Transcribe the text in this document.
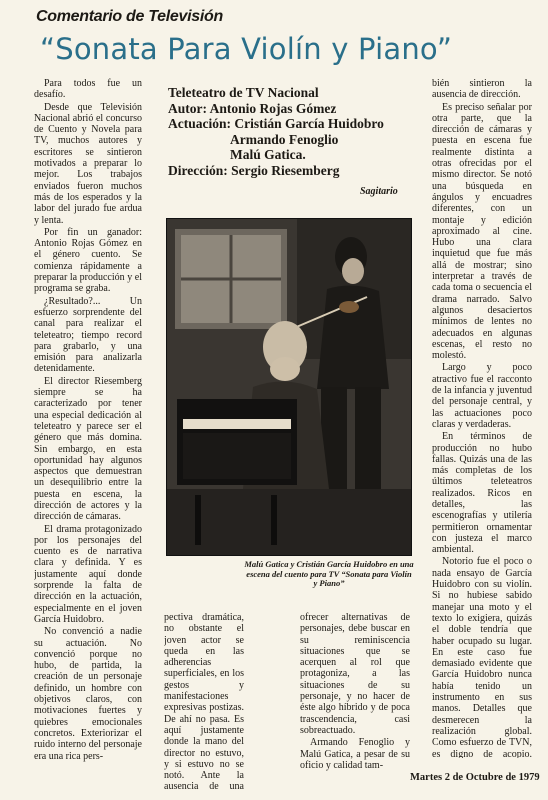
Comentario de Televisión
“Sonata Para Violín y Piano”

Para todos fue un desafío.

Desde que Televisión Nacional abrió el concurso de Cuento y Novela para TV, muchos autores y escritores se sintieron motivados a preparar lo mejor. Los trabajos enviados fueron muchos más de los esperados y la labor del jurado fue ardua y lenta.

Por fin un ganador: Antonio Rojas Gómez en el género cuento. Se comienza rápidamente a preparar la producción y el programa se graba.

¿Resultado?... Un esfuerzo sorprendente del canal para realizar el teleteatro; tiempo record para grabarlo, y una emisión para analizarla detenidamente.

El director Riesemberg siempre se ha caracterizado por tener una especial dedicación al teleteatro y parece ser el género que más domina. Sin embargo, en esta oportunidad hay algunos aspectos que demuestran un desequilibrio entre la puesta en escena, la dirección de actores y la dirección de cámaras.

El drama protagonizado por los personajes del cuento es de narrativa clara y definida. Y es justamente aquí donde sorprende la falta de dirección en la actuación, especialmente en el joven García Huidobro.

No convenció a nadie su actuación. No convenció porque no hubo, de partida, la creación de un personaje definido, un hombre con objetivos claros, con motivaciones fuertes y quiebres emocionales concretos. Exteriorizar el ruido interno del personaje era una rica pers-

Teleteatro de TV Nacional
Autor: Antonio Rojas Gómez
Actuación: Cristián García Huidobro
Armando Fenoglio
Malú Gatica.
Dirección: Sergio Riesemberg
Sagitario
Malú Gatica y Cristián García Huidobro en una escena del cuento para TV “Sonata para Violín y Piano”

pectiva dramática, no obstante el joven actor se queda en las adherencias superficiales, en los gestos y manifestaciones expresivas postizas. De ahí no pasa. Es aquí justamente donde la mano del director no estuvo, y si estuvo no se notó. Ante la ausencia de una

ofrecer alternativas de personajes, debe buscar en su reminiscencia situaciones que se acerquen al rol que protagoniza, a las situaciones de su personaje, y no hacer de éste algo híbrido y de poca trascendencia, casi sobreactuado.

Armando Fenoglio y Malú Gatica, a pesar de su oficio y calidad tam-

bién sintieron la ausencia de dirección.

Es preciso señalar por otra parte, que la dirección de cámaras y puesta en escena fue realmente distinta a otras ofrecidas por el mismo director. Se notó una búsqueda en ángulos y encuadres diferentes, con un montaje y edición aproximado al cine. Hubo una clara inquietud que fue más allá de mostrar; sino interpretar a través de cada toma o secuencia el drama narrado. Salvo algunos desaciertos mínimos de lentes no adecuados en algunas escenas, el resto no molestó.

Largo y poco atractivo fue el racconto de la infancia y juventud del personaje central, y las actuaciones poco claras y verdaderas.

En términos de producción no hubo fallas. Quizás una de las más completas de los últimos teleteatros realizados. Ricos en detalles, las escenografías y utilería permitieron ornamentar con justeza el marco ambiental.

Notorio fue el poco o nada ensayo de García Huidobro con su violín. Si no hubiese sabido manejar una moto y el texto lo exigiera, quizás el doble tendría que haber ocupado su lugar. En este caso fue demasiado evidente que García Huidobro nunca había tenido un instrumento en sus manos. Detalles que desmerecen la realización global. Como esfuerzo de TVN, es digno de acopio.

Martes 2 de Octubre de 1979
